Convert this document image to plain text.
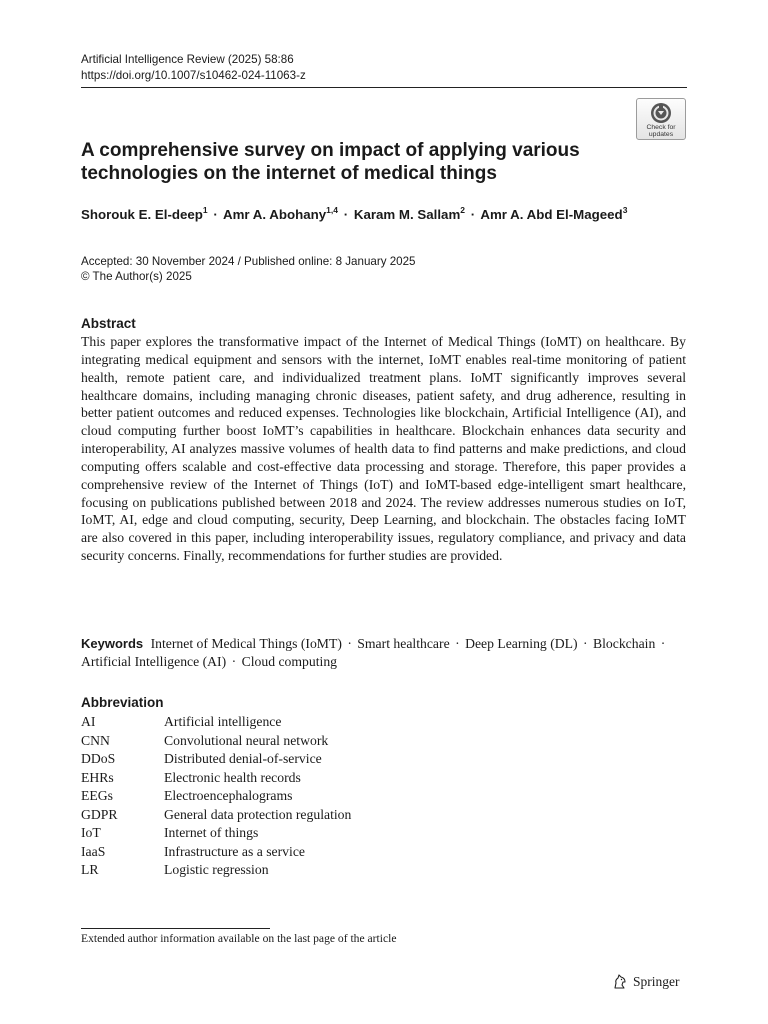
Artificial Intelligence Review (2025) 58:86
https://doi.org/10.1007/s10462-024-11063-z
Check for
updates
A comprehensive survey on impact of applying various technologies on the internet of medical things
Shorouk E. El-deep$^1$ · Amr A. Abohany$^{1,4}$ · Karam M. Sallam$^2$ · Amr A. Abd El-Mageed$^3$
Accepted: 30 November 2024 / Published online: 8 January 2025
© The Author(s) 2025
Abstract

This paper explores the transformative impact of the Internet of Medical Things (IoMT) on healthcare. By integrating medical equipment and sensors with the internet, IoMT enables real-time monitoring of patient health, remote patient care, and individualized treatment plans. IoMT significantly improves several healthcare domains, including managing chronic diseases, patient safety, and drug adherence, resulting in better patient outcomes and reduced expenses. Technologies like blockchain, Artificial Intelligence (AI), and cloud computing further boost IoMT’s capabilities in healthcare. Blockchain enhances data security and interoperability, AI analyzes massive volumes of health data to find patterns and make predictions, and cloud computing offers scalable and cost-effective data processing and storage. Therefore, this paper provides a comprehensive review of the Internet of Things (IoT) and IoMT-based edge-intelligent smart healthcare, focusing on publications published between 2018 and 2024. The review addresses numerous studies on IoT, IoMT, AI, edge and cloud computing, security, Deep Learning, and blockchain. The obstacles facing IoMT are also covered in this paper, including interoperability issues, regulatory compliance, and privacy and data security concerns. Finally, recommendations for further studies are provided.

Keywords Internet of Medical Things (IoMT) · Smart healthcare · Deep Learning (DL) · Blockchain · Artificial Intelligence (AI) · Cloud computing
Abbreviation
AI	Artificial intelligence
CNN	Convolutional neural network
DDoS	Distributed denial-of-service
EHRs	Electronic health records
EEGs	Electroencephalograms
GDPR	General data protection regulation
IoT	Internet of things
IaaS	Infrastructure as a service
LR	Logistic regression
Extended author information available on the last page of the article
Springer
